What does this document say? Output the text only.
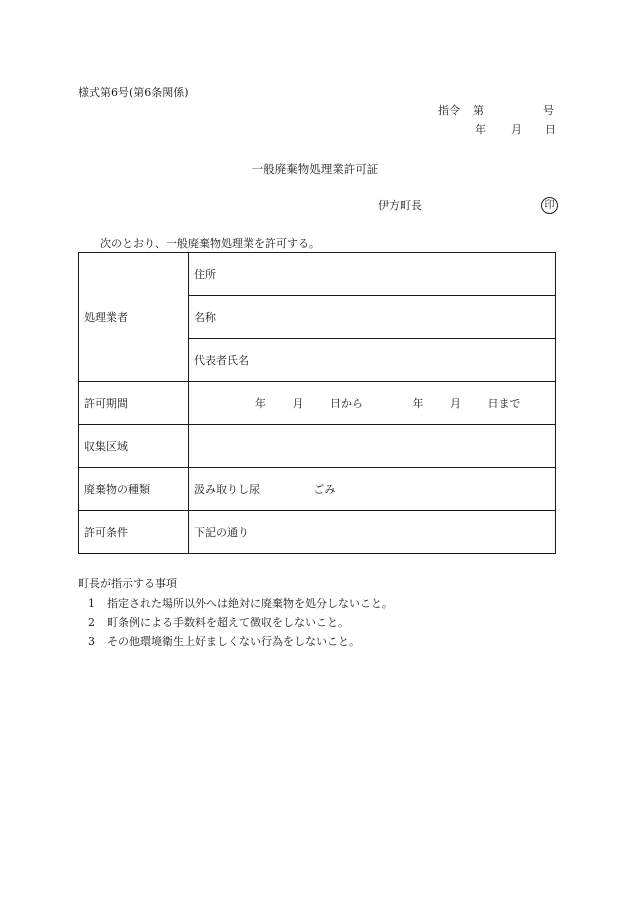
様式第6号(第6条関係)
指令 第	号
年 月 日
一般廃棄物処理業許可証
伊方町長	印
次のとおり、一般廃棄物処理業を許可する。
処理業者	住所
	名称
	代表者氏名
許可期間	年 月 日から 年 月 日まで
収集区域	
廃棄物の種類	汲み取りし尿 ごみ
許可条件	下記の通り
町長が指示する事項
1 指定された場所以外へは絶対に廃棄物を処分しないこと。
2 町条例による手数料を超えて徴収をしないこと。
3 その他環境衛生上好ましくない行為をしないこと。
